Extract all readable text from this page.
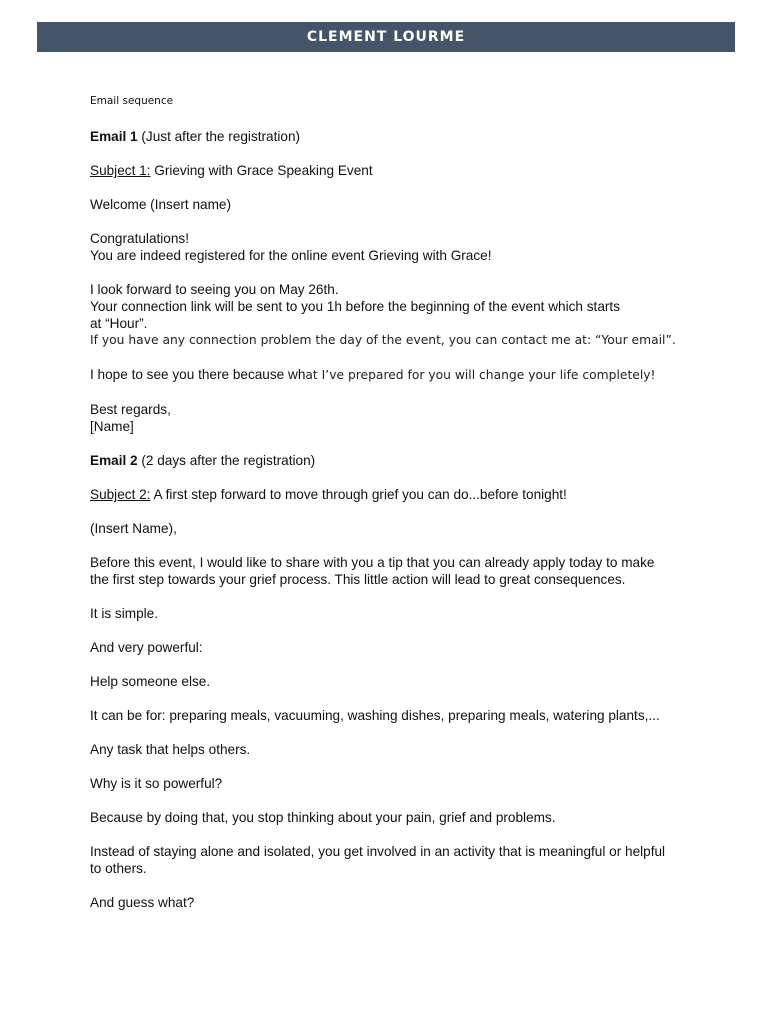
CLEMENT LOURME
Email sequence

Email 1 (Just after the registration)

Subject 1: Grieving with Grace Speaking Event

Welcome (Insert name)

Congratulations!
You are indeed registered for the online event Grieving with Grace!

I look forward to seeing you on May 26th.
Your connection link will be sent to you 1h before the beginning of the event which starts
at “Hour”.
If you have any connection problem the day of the event, you can contact me at: “Your email”.

I hope to see you there because what I’ve prepared for you will change your life completely!

Best regards,
[Name]

Email 2 (2 days after the registration)

Subject 2: A first step forward to move through grief you can do...before tonight!

(Insert Name),

Before this event, I would like to share with you a tip that you can already apply today to make
the first step towards your grief process. This little action will lead to great consequences.

It is simple.

And very powerful:

Help someone else.

It can be for: preparing meals, vacuuming, washing dishes, preparing meals, watering plants,...

Any task that helps others.

Why is it so powerful?

Because by doing that, you stop thinking about your pain, grief and problems.

Instead of staying alone and isolated, you get involved in an activity that is meaningful or helpful
to others.

And guess what?
